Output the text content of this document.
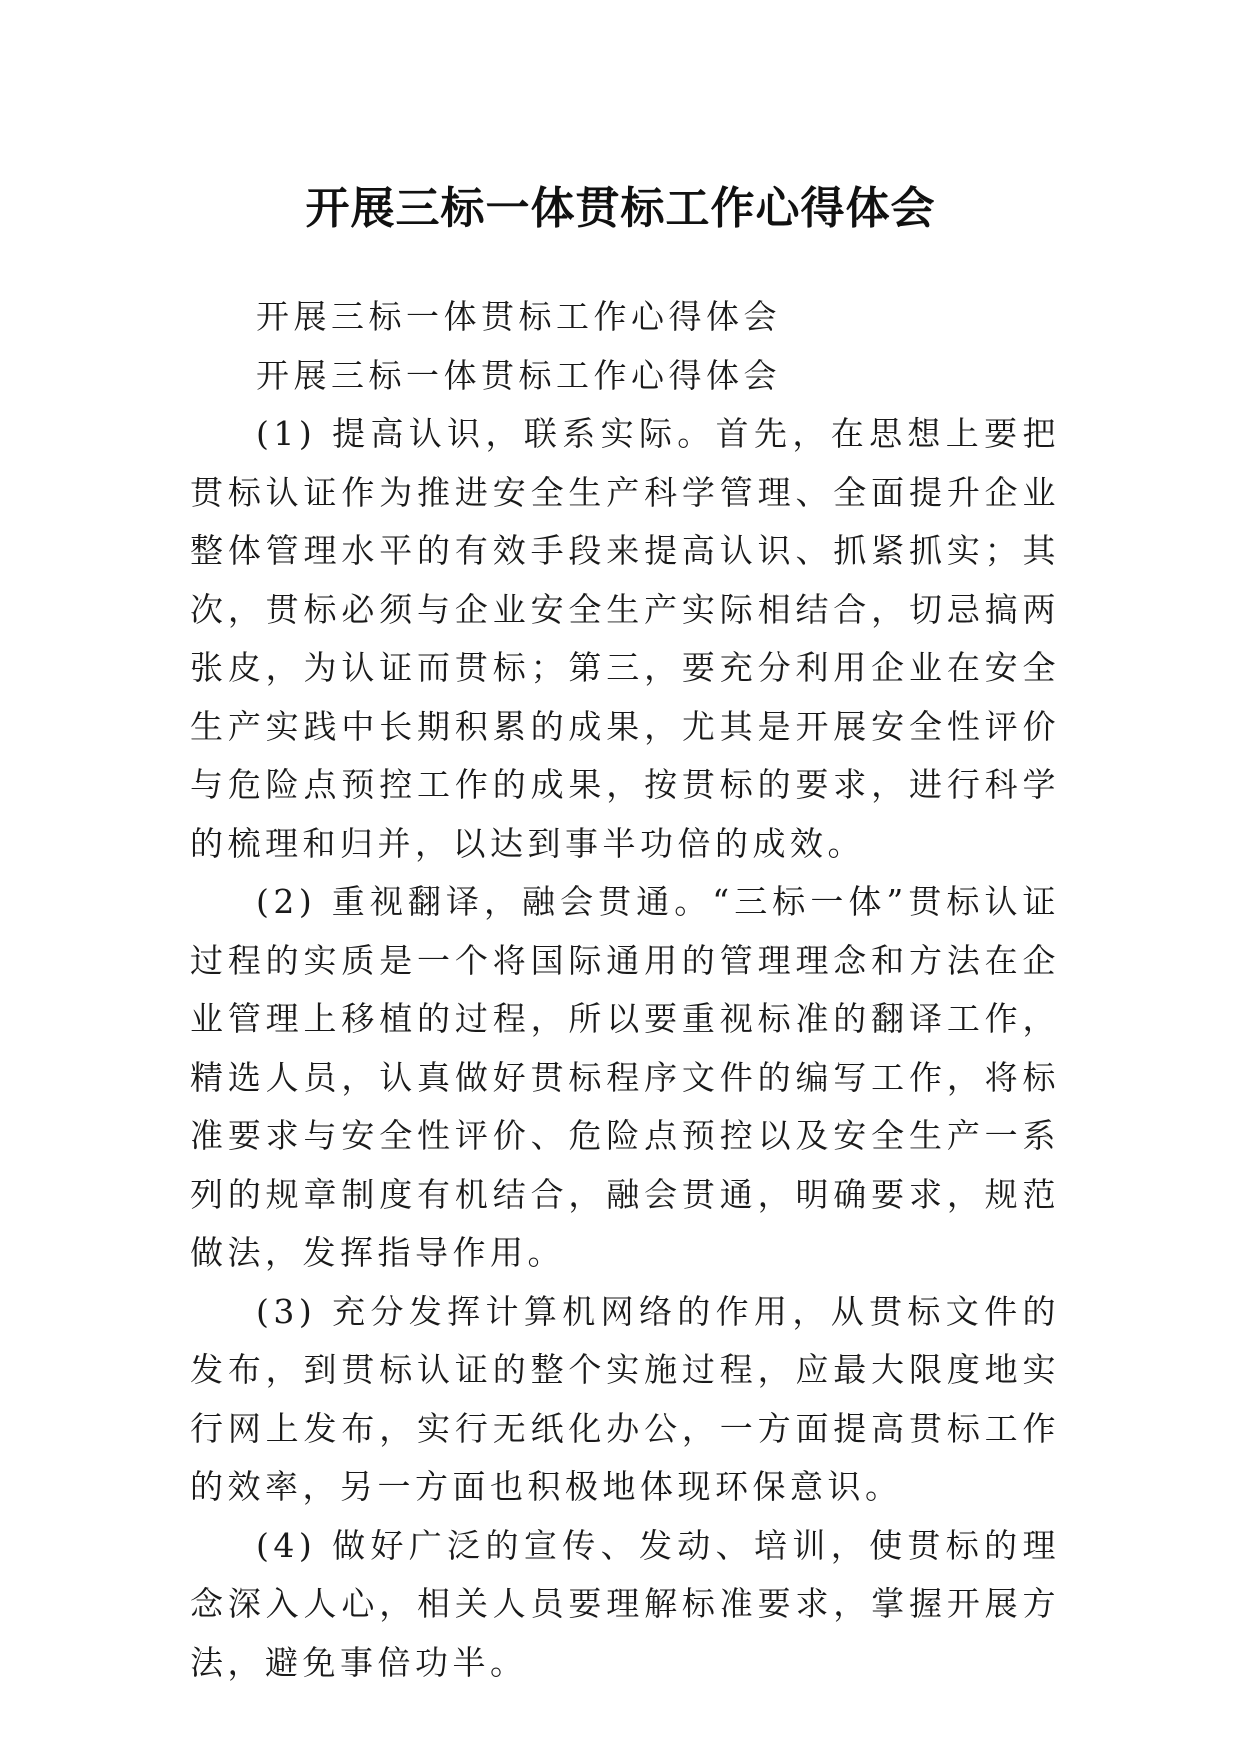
开展三标一体贯标工作心得体会

开展三标一体贯标工作心得体会

开展三标一体贯标工作心得体会

(1) 提高认识，联系实际。首先，在思想上要把贯标认证作为推进安全生产科学管理、全面提升企业整体管理水平的有效手段来提高认识、抓紧抓实；其次，贯标必须与企业安全生产实际相结合，切忌搞两张皮，为认证而贯标；第三，要充分利用企业在安全生产实践中长期积累的成果，尤其是开展安全性评价与危险点预控工作的成果，按贯标的要求，进行科学的梳理和归并，以达到事半功倍的成效。

(2) 重视翻译，融会贯通。“三标一体”贯标认证过程的实质是一个将国际通用的管理理念和方法在企业管理上移植的过程，所以要重视标准的翻译工作，精选人员，认真做好贯标程序文件的编写工作，将标准要求与安全性评价、危险点预控以及安全生产一系列的规章制度有机结合，融会贯通，明确要求，规范做法，发挥指导作用。

(3) 充分发挥计算机网络的作用，从贯标文件的发布，到贯标认证的整个实施过程，应最大限度地实行网上发布，实行无纸化办公，一方面提高贯标工作的效率，另一方面也积极地体现环保意识。

(4) 做好广泛的宣传、发动、培训，使贯标的理念深入人心，相关人员要理解标准要求，掌握开展方法，避免事倍功半。
